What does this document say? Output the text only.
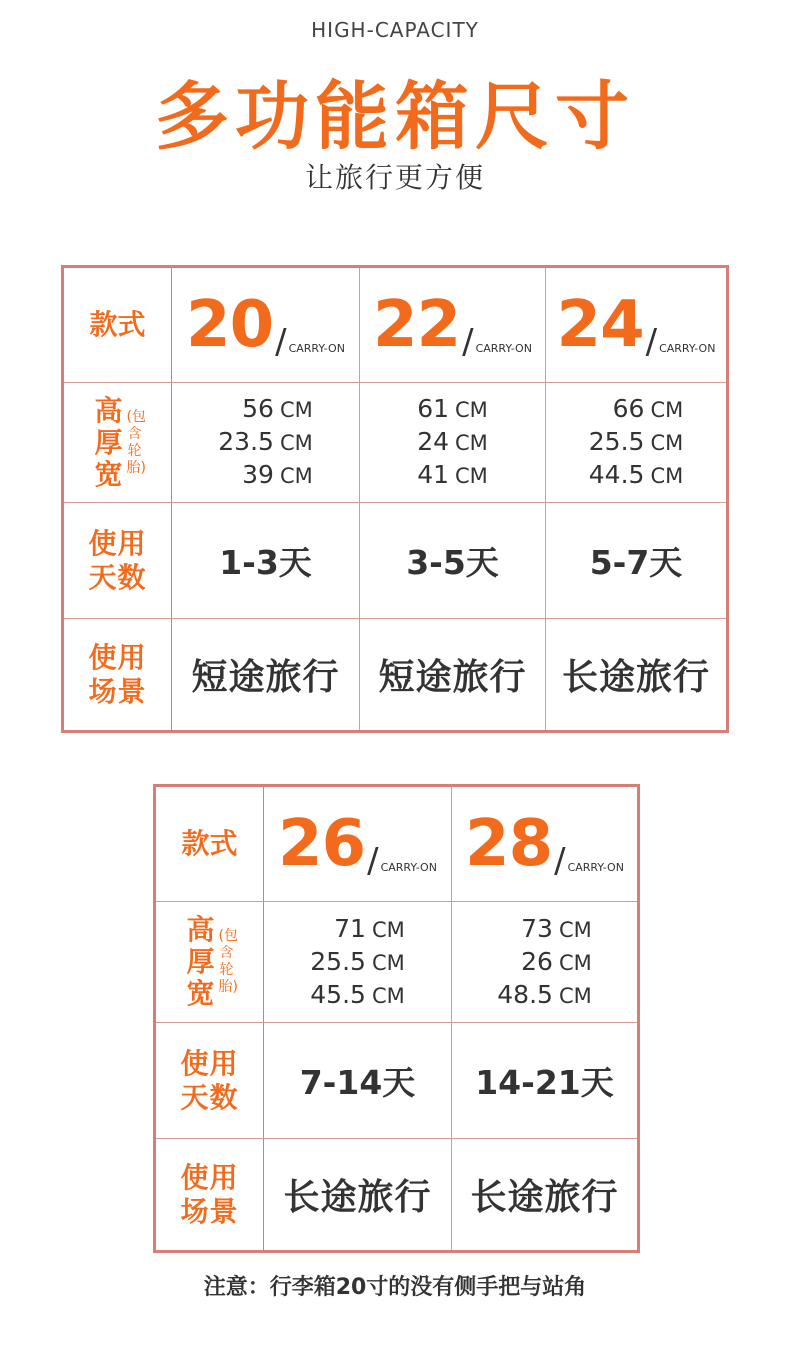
HIGH-CAPACITY
多功能箱尺寸
让旅行更方便
款式 20 / CARRY-ON 22 / CARRY-ON 24 / CARRY-ON
高
厚
宽
(包含轮胎)
56 CM
23.5 CM
39 CM
61 CM
24 CM
41 CM
66 CM
25.5 CM
44.5 CM
使用
天数 1-3天	3-5天	5-7天
使用
场景 短途旅行 短途旅行 长途旅行
款式 26 / CARRY-ON 28 / CARRY-ON
高
厚
宽
(包含轮胎)
71 CM
25.5 CM
45.5 CM
73 CM
26 CM
48.5 CM
使用
天数 7-14天 14-21天
使用
场景 长途旅行 长途旅行
注意：行李箱20寸的没有侧手把与站角
